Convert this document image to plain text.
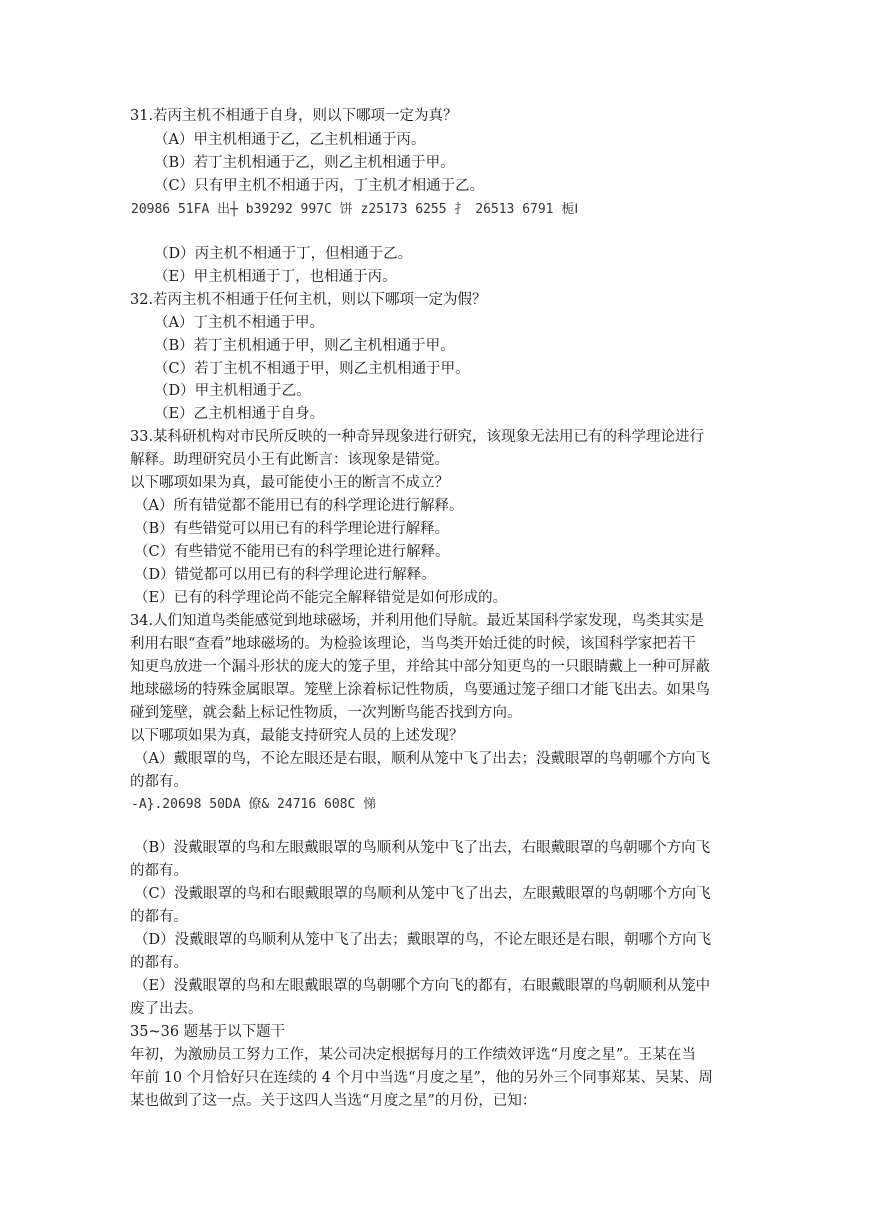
31.若丙主机不相通于自身，则以下哪项一定为真？
（A）甲主机相通于乙，乙主机相通于丙。
（B）若丁主机相通于乙，则乙主机相通于甲。
（C）只有甲主机不相通于丙，丁主机才相通于乙。
20986 51FA 出┼ b39292 997C 饼 z25173 6255 扌 26513 6791 栀Ⅰ
（D）丙主机不相通于丁，但相通于乙。
（E）甲主机相通于丁，也相通于丙。
32.若丙主机不相通于任何主机，则以下哪项一定为假？
（A）丁主机不相通于甲。
（B）若丁主机相通于甲，则乙主机相通于甲。
（C）若丁主机不相通于甲，则乙主机相通于甲。
（D）甲主机相通于乙。
（E）乙主机相通于自身。
33.某科研机构对市民所反映的一种奇异现象进行研究，该现象无法用已有的科学理论进行
解释。助理研究员小王有此断言：该现象是错觉。
以下哪项如果为真，最可能使小王的断言不成立？
（A）所有错觉都不能用已有的科学理论进行解释。
（B）有些错觉可以用已有的科学理论进行解释。
（C）有些错觉不能用已有的科学理论进行解释。
（D）错觉都可以用已有的科学理论进行解释。
（E）已有的科学理论尚不能完全解释错觉是如何形成的。
34.人们知道鸟类能感觉到地球磁场，并利用他们导航。最近某国科学家发现，鸟类其实是
利用右眼“查看”地球磁场的。为检验该理论，当鸟类开始迁徙的时候，该国科学家把若干
知更鸟放进一个漏斗形状的庞大的笼子里，并给其中部分知更鸟的一只眼睛戴上一种可屏蔽
地球磁场的特殊金属眼罩。笼壁上涂着标记性物质，鸟要通过笼子细口才能飞出去。如果鸟
碰到笼壁，就会黏上标记性物质，一次判断鸟能否找到方向。
以下哪项如果为真，最能支持研究人员的上述发现？
（A）戴眼罩的鸟，不论左眼还是右眼，顺利从笼中飞了出去；没戴眼罩的鸟朝哪个方向飞
的都有。
-A}.20698 50DA 僚& 24716 608C 悌
（B）没戴眼罩的鸟和左眼戴眼罩的鸟顺利从笼中飞了出去，右眼戴眼罩的鸟朝哪个方向飞
的都有。
（C）没戴眼罩的鸟和右眼戴眼罩的鸟顺利从笼中飞了出去，左眼戴眼罩的鸟朝哪个方向飞
的都有。
（D）没戴眼罩的鸟顺利从笼中飞了出去；戴眼罩的鸟，不论左眼还是右眼，朝哪个方向飞
的都有。
（E）没戴眼罩的鸟和左眼戴眼罩的鸟朝哪个方向飞的都有，右眼戴眼罩的鸟朝顺利从笼中
废了出去。
35~36 题基于以下题干
年初，为激励员工努力工作，某公司决定根据每月的工作绩效评选“月度之星”。王某在当
年前 10 个月恰好只在连续的 4 个月中当选“月度之星”，他的另外三个同事郑某、吴某、周
某也做到了这一点。关于这四人当选“月度之星”的月份，已知：
